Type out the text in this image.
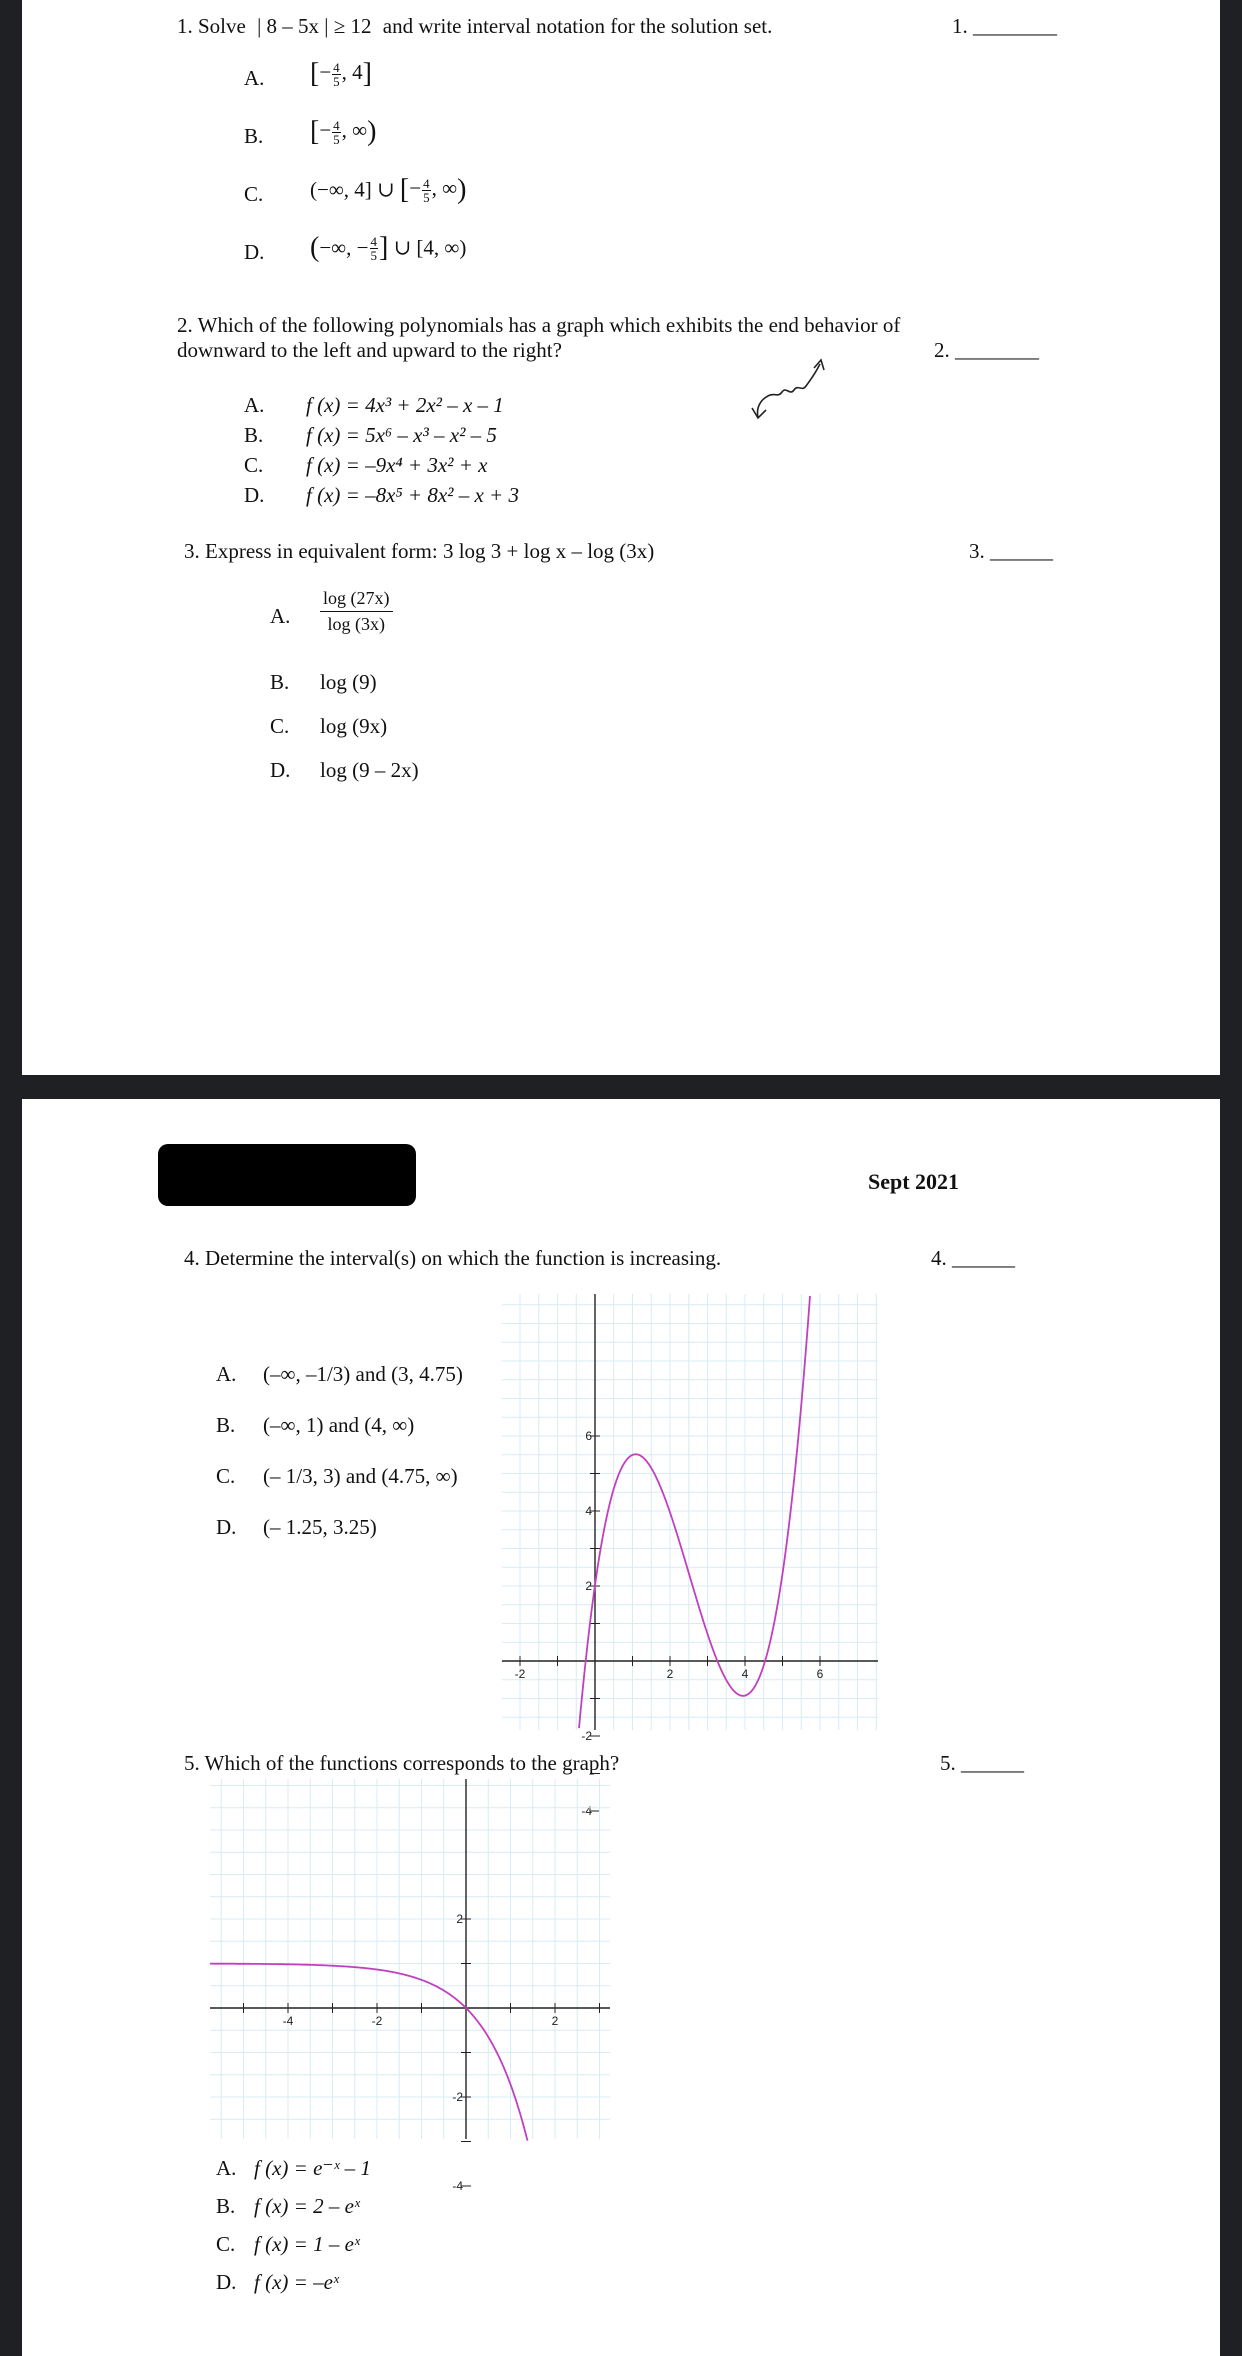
1. Solve | 8 – 5x | ≥ 12 and write interval notation for the solution set.	1. ________
A. [− $\frac{4}{5}$ , 4]
B. [− $\frac{4}{5}$ , ∞)
C. (−∞, 4] ∪ [− $\frac{4}{5}$ , ∞)
D. (−∞, − $\frac{4}{5}$ ] ∪ [4, ∞)
2. Which of the following polynomials has a graph which exhibits the end behavior of
downward to the left and upward to the right?	2. ________
A. f (x) = 4x³ + 2x² – x – 1
B. f (x) = 5x⁶ – x³ – x² – 5
C. f (x) = –9x⁴ + 3x² + x
D. f (x) = –8x⁵ + 8x² – x + 3
3. Express in equivalent form: 3 log 3 + log x – log (3x)	3. ______
A. $\frac{\log (27x)}{\log (3x)}$
B. log (9)
C. log (9x)
D. log (9 – 2x)
Sept 2021
4. Determine the interval(s) on which the function is increasing.	4. ______
A. (–∞, –1/3) and (3, 4.75)
B. (–∞, 1) and (4, ∞)
C. (– 1/3, 3) and (4.75, ∞)
D. (– 1.25, 3.25)
-2	2	4	6
6
4
2
-2
-4
5. Which of the functions corresponds to the graph?	5. ______
-4	-2	2
2
-2
-4
A. f (x) = e⁻ˣ – 1
B. f (x) = 2 – eˣ
C. f (x) = 1 – eˣ
D. f (x) = –eˣ
